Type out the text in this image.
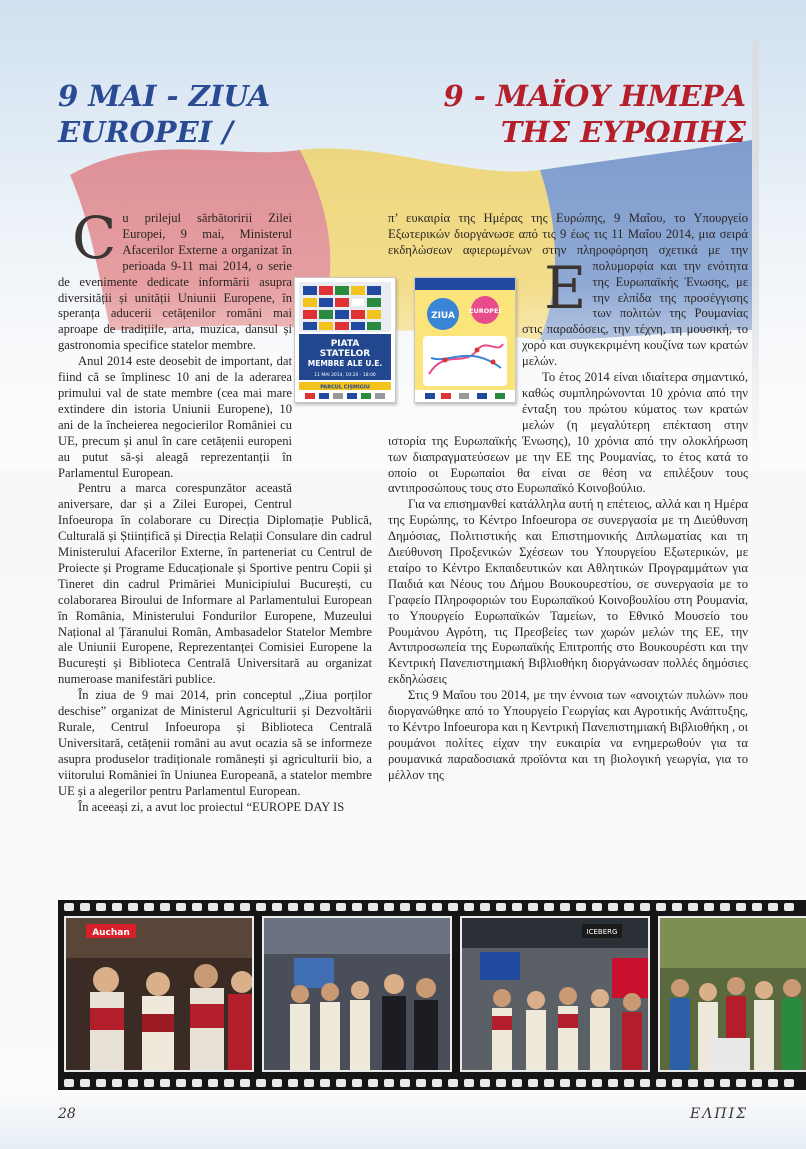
9 MAI - ZIUA
EUROPEI /
9 - ΜΑΪΟΥ ΗΜΕΡΑ
ΤΗΣ ΕΥΡΩΠΗΣ

Cu prilejul sărbătoririi Zilei Europei, 9 mai, Ministerul Afacerilor Externe a organizat în perioada 9-11 mai 2014, o serie de evenimente dedicate informării asupra diversității și unității Uniunii Europene, în speranța aducerii cetățenilor români mai aproape de tradițiile, arta, muzica, dansul și gastronomia specifice statelor membre.

Anul 2014 este deosebit de important, dat fiind că se împlinesc 10 ani de la aderarea primului val de state membre (cea mai mare extindere din istoria Uniunii Europene), 10 ani de la încheierea negocierilor României cu UE, precum și anul în care cetățenii europeni au putut să-și aleagă reprezentanții în Parlamentul European.

Pentru a marca corespunzător această aniversare, dar și a Zilei Europei, Centrul Infoeuropa în colaborare cu Direcția Diplomație Publică, Culturală și Științifică și Direcția Relații Consulare din cadrul Ministerului Afacerilor Externe, în parteneriat cu Centrul de Proiecte și Programe Educaționale și Sportive pentru Copii și Tineret din cadrul Primăriei Municipiului București, cu colaborarea Biroului de Informare al Parlamentului European în România, Ministerului Fondurilor Europene, Muzeului Național al Țăranului Român, Ambasadelor Statelor Membre ale Uniunii Europene, Reprezentanței Comisiei Europene la București și Biblioteca Centrală Universitară au organizat numeroase manifestări publice.

În ziua de 9 mai 2014, prin conceptul „Ziua porților deschise” organizat de Ministerul Agriculturii și Dezvoltării Rurale, Centrul Infoeuropa și Biblioteca Centrală Universitară, cetățenii români au avut ocazia să se informeze asupra produselor tradiționale românești și agriculturii bio, a viitorului României în Uniunea Europeană, a statelor membre UE și a alegerilor pentru Parlamentul European.

În aceeași zi, a avut loc proiectul “EUROPE DAY IS

Ε
π’ ευκαιρία της Ημέρας της Ευρώπης, 9 Μαΐου, το Υπουργείο Εξωτερικών διοργάνωσε από τις 9 έως τις 11 Μαΐου 2014, μια σειρά εκδηλώσεων αφιερωμένων στην πληροφόρηση σχετικά με την πολυμορφία και την ενότητα της Ευρωπαϊκής Ένωσης, με την ελπίδα της προσέγγισης των πολιτών της Ρουμανίας στις παραδόσεις, την τέχνη, τη μουσική, το χορό και συγκεκριμένη κουζίνα των κρατών μελών.

Το έτος 2014 είναι ιδιαίτερα σημαντικό, καθώς συμπληρώνονται 10 χρόνια από την ένταξη του πρώτου κύματος των κρατών μελών (η μεγαλύτερη επέκταση στην ιστορία της Ευρωπαϊκής Ένωσης), 10 χρόνια από την ολοκλήρωση των διαπραγματεύσεων με την ΕΕ της Ρουμανίας, το έτος κατά το οποίο οι Ευρωπαίοι θα είναι σε θέση να επιλέξουν τους αντιπροσώπους τους στο Ευρωπαϊκό Κοινοβούλιο.

Για να επισημανθεί κατάλληλα αυτή η επέτειος, αλλά και η Ημέρα της Ευρώπης, το Κέντρο Infoeuropa σε συνεργασία με τη Διεύθυνση Δημόσιας, Πολιτιστικής και Επιστημονικής Διπλωματίας και τη Διεύθυνση Προξενικών Σχέσεων του Υπουργείου Εξωτερικών, με εταίρο το Κέντρο Εκπαιδευτικών και Αθλητικών Προγραμμάτων για Παιδιά και Νέους του Δήμου Βουκουρεστίου, σε συνεργασία με το Γραφείο Πληροφοριών του Ευρωπαϊκού Κοινοβουλίου στη Ρουμανία, το Υπουργείο Ευρωπαϊκών Ταμείων, το Εθνικό Μουσείο του Ρουμάνου Αγρότη, τις Πρεσβείες των χωρών μελών της ΕΕ, την Αντιπροσωπεία της Ευρωπαϊκής Επιτροπής στο Βουκουρέστι και την Κεντρική Πανεπιστημιακή Βιβλιοθήκη διοργάνωσαν πολλές δημόσιες εκδηλώσεις

Στις 9 Μαΐου του 2014, με την έννοια των «ανοιχτών πυλών» που διοργανώθηκε από το Υπουργείο Γεωργίας και Αγροτικής Ανάπτυξης, το Κέντρο Infoeuropa και η Κεντρική Πανεπιστημιακή Βιβλιοθήκη , οι ρουμάνοι πολίτες είχαν την ευκαιρία να ενημερωθούν για τα ρουμανικά παραδοσιακά προϊόντα και τη βιολογική γεωργία, για το μέλλον της

PIATA
STATELOR
MEMBRE ALE U.E.
11 MAI 2014, 10:20 - 18:00
PARCUL CIȘMIGIU
ZIUA EUROPEI
Auchan	ICEBERG
28	ΕΛΠΙΣ
